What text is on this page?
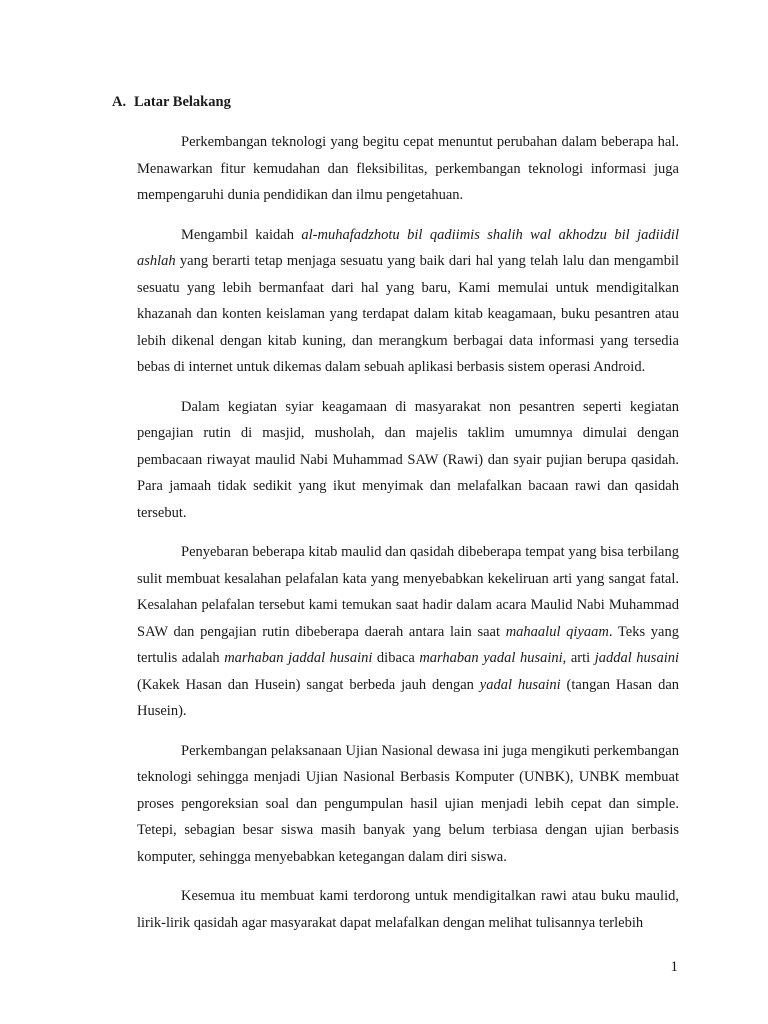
A. Latar Belakang

Perkembangan teknologi yang begitu cepat menuntut perubahan dalam beberapa hal. Menawarkan fitur kemudahan dan fleksibilitas, perkembangan teknologi informasi juga mempengaruhi dunia pendidikan dan ilmu pengetahuan.

Mengambil kaidah al-muhafadzhotu bil qadiimis shalih wal akhodzu bil jadiidil ashlah yang berarti tetap menjaga sesuatu yang baik dari hal yang telah lalu dan mengambil sesuatu yang lebih bermanfaat dari hal yang baru, Kami memulai untuk mendigitalkan khazanah dan konten keislaman yang terdapat dalam kitab keagamaan, buku pesantren atau lebih dikenal dengan kitab kuning, dan merangkum berbagai data informasi yang tersedia bebas di internet untuk dikemas dalam sebuah aplikasi berbasis sistem operasi Android.

Dalam kegiatan syiar keagamaan di masyarakat non pesantren seperti kegiatan pengajian rutin di masjid, musholah, dan majelis taklim umumnya dimulai dengan pembacaan riwayat maulid Nabi Muhammad SAW (Rawi) dan syair pujian berupa qasidah. Para jamaah tidak sedikit yang ikut menyimak dan melafalkan bacaan rawi dan qasidah tersebut.

Penyebaran beberapa kitab maulid dan qasidah dibeberapa tempat yang bisa terbilang sulit membuat kesalahan pelafalan kata yang menyebabkan kekeliruan arti yang sangat fatal. Kesalahan pelafalan tersebut kami temukan saat hadir dalam acara Maulid Nabi Muhammad SAW dan pengajian rutin dibeberapa daerah antara lain saat mahaalul qiyaam. Teks yang tertulis adalah marhaban jaddal husaini dibaca marhaban yadal husaini, arti jaddal husaini (Kakek Hasan dan Husein) sangat berbeda jauh dengan yadal husaini (tangan Hasan dan Husein).

Perkembangan pelaksanaan Ujian Nasional dewasa ini juga mengikuti perkembangan teknologi sehingga menjadi Ujian Nasional Berbasis Komputer (UNBK), UNBK membuat proses pengoreksian soal dan pengumpulan hasil ujian menjadi lebih cepat dan simple. Tetepi, sebagian besar siswa masih banyak yang belum terbiasa dengan ujian berbasis komputer, sehingga menyebabkan ketegangan dalam diri siswa.

Kesemua itu membuat kami terdorong untuk mendigitalkan rawi atau buku maulid, lirik-lirik qasidah agar masyarakat dapat melafalkan dengan melihat tulisannya terlebih

1
